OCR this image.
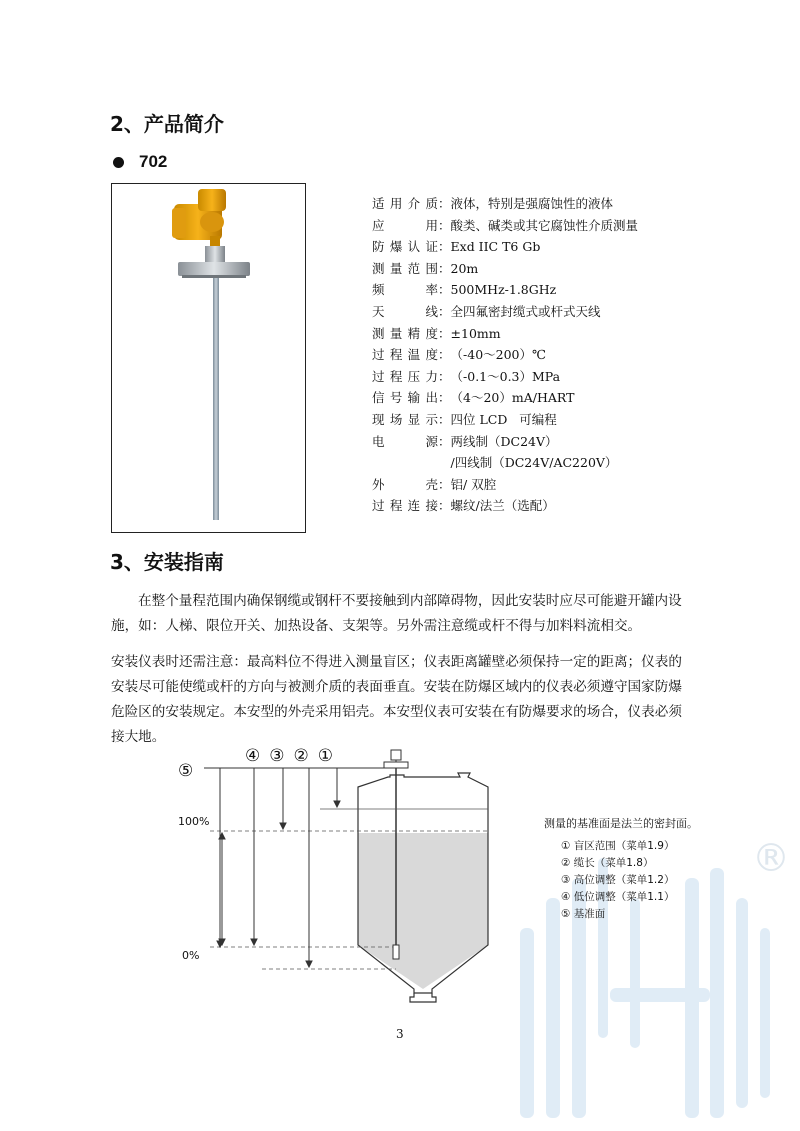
2、产品简介
702
适用介质 ： 液体，特别是强腐蚀性的液体
应用 ： 酸类、碱类或其它腐蚀性介质测量
防爆认证 ： Exd IIC T6 Gb
测量范围 ： 20m
频率 ： 500MHz-1.8GHz
天线 ： 全四氟密封缆式或杆式天线
测量精度 ： ±10mm
过程温度 ： （-40～200）℃
过程压力 ： （-0.1～0.3）MPa
信号输出 ： （4～20）mA/HART
现场显示 ： 四位 LCD   可编程
电源 ： 两线制（DC24V）
/四线制（DC24V/AC220V）
外壳 ： 铝/ 双腔
过程连接 ： 螺纹/法兰（选配）
3、安装指南

在整个量程范围内确保钢缆或钢杆不要接触到内部障碍物，因此安装时应尽可能避开罐内设施，如：人梯、限位开关、加热设备、支架等。另外需注意缆或杆不得与加料料流相交。

安装仪表时还需注意：最高料位不得进入测量盲区；仪表距离罐壁必须保持一定的距离；仪表的安装尽可能使缆或杆的方向与被测介质的表面垂直。安装在防爆区域内的仪表必须遵守国家防爆危险区的安装规定。本安型的外壳采用铝壳。本安型仪表可安装在有防爆要求的场合，仪表必须接大地。

®
④③②①
⑤
100%
0%
测量的基准面是法兰的密封面。
① 盲区范围（菜单1.9）
② 缆长（菜单1.8）
③ 高位调整（菜单1.2）
④ 低位调整（菜单1.1）
⑤ 基准面
3
